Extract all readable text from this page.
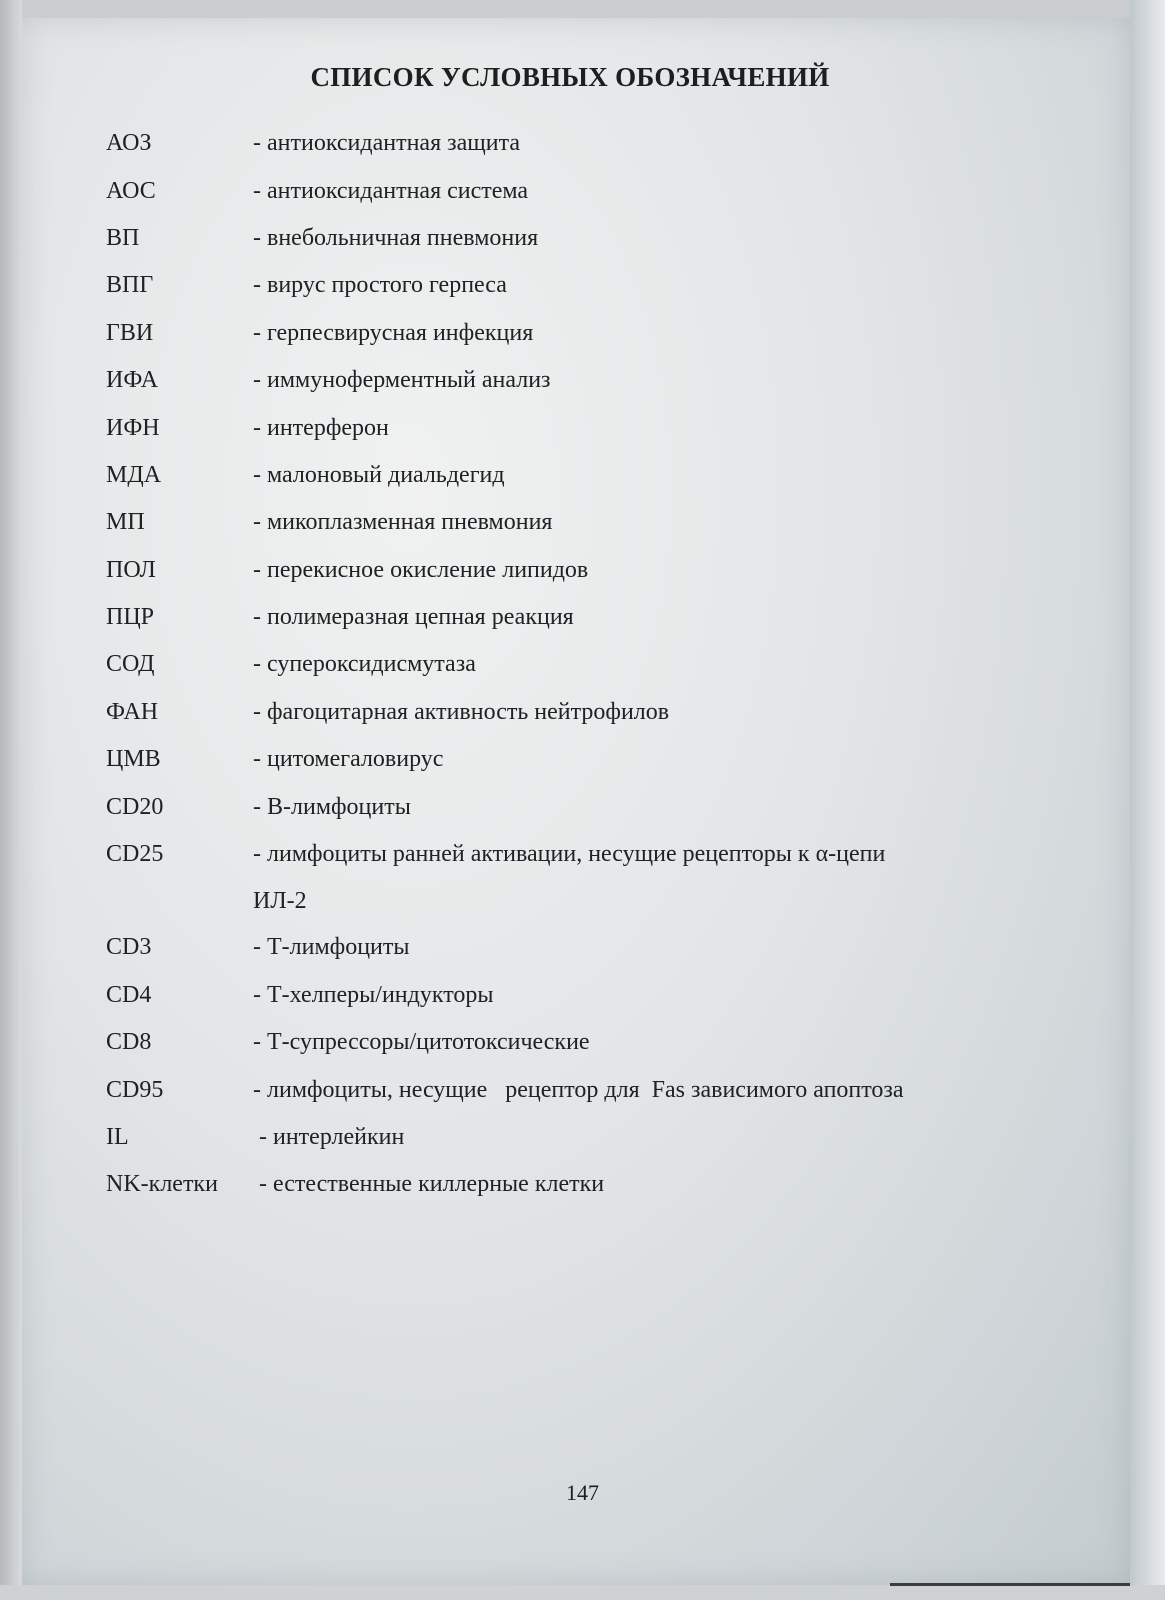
СПИСОК УСЛОВНЫХ ОБОЗНАЧЕНИЙ
АОЗ	- антиоксидантная защита
АОС	- антиоксидантная система
ВП	- внебольничная пневмония
ВПГ	- вирус простого герпеса
ГВИ	- герпесвирусная инфекция
ИФА	- иммуноферментный анализ
ИФН	- интерферон
МДА	- малоновый диальдегид
МП	- микоплазменная пневмония
ПОЛ	- перекисное окисление липидов
ПЦР	- полимеразная цепная реакция
СОД	- супероксидисмутаза
ФАН	- фагоцитарная активность нейтрофилов
ЦМВ	- цитомегаловирус
CD20	- В-лимфоциты
CD25	- лимфоциты ранней активации, несущие рецепторы к α-цепи
ИЛ-2
CD3	- Т-лимфоциты
CD4	- Т-хелперы/индукторы
CD8	- Т-супрессоры/цитотоксические
CD95	- лимфоциты, несущие   рецептор для  Fas зависимого апоптоза
IL	- интерлейкин
NK-клетки	- естественные киллерные клетки
147
